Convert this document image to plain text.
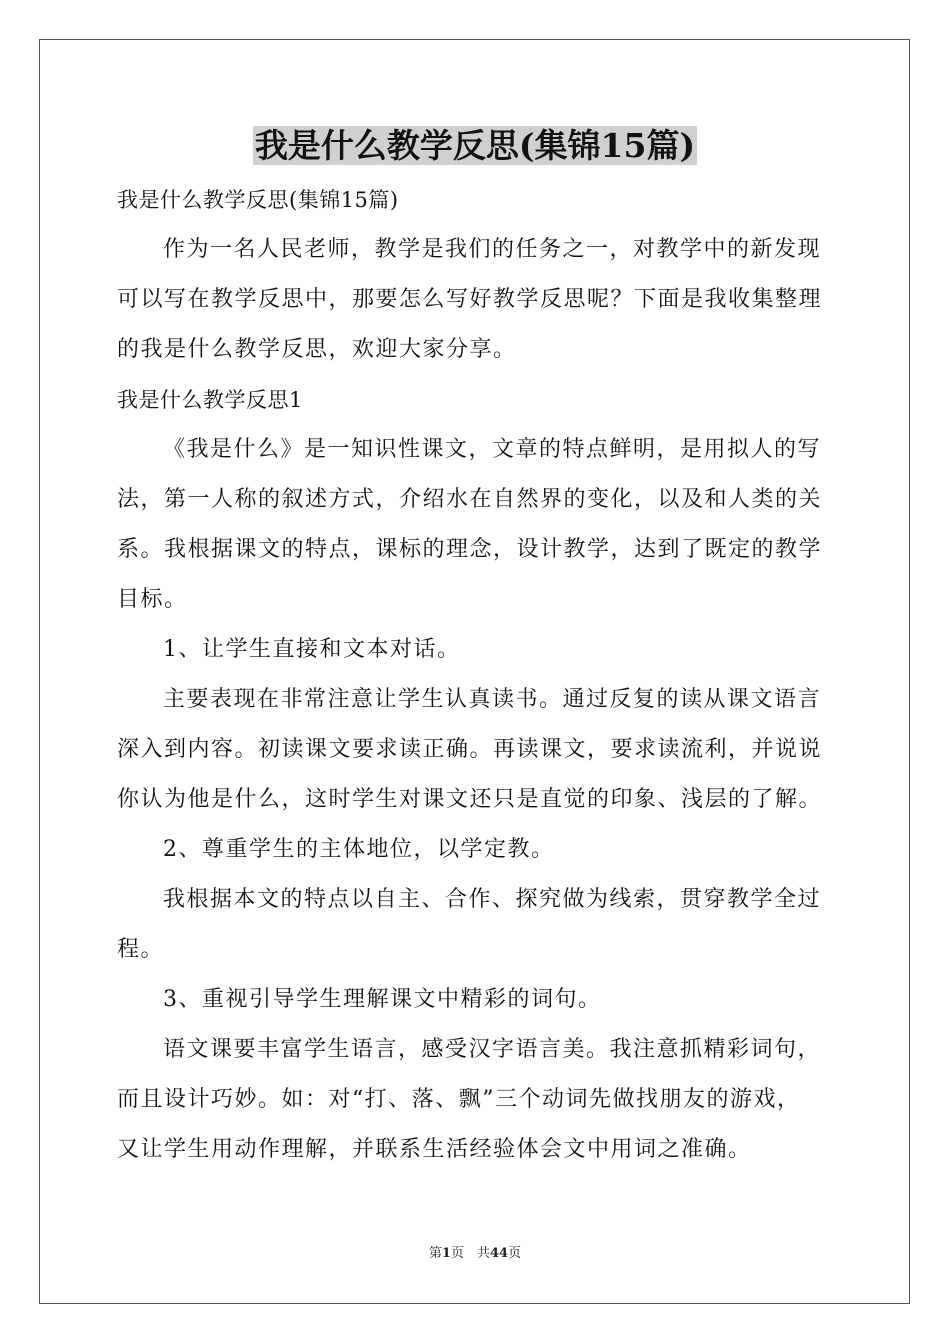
我是什么教学反思(集锦15篇)
我是什么教学反思(集锦15篇)
作为一名人民老师，教学是我们的任务之一，对教学中的新发现
可以写在教学反思中，那要怎么写好教学反思呢？下面是我收集整理
的我是什么教学反思，欢迎大家分享。
我是什么教学反思1
《我是什么》是一知识性课文，文章的特点鲜明，是用拟人的写
法，第一人称的叙述方式，介绍水在自然界的变化，以及和人类的关
系。我根据课文的特点，课标的理念，设计教学，达到了既定的教学
目标。
1、让学生直接和文本对话。
主要表现在非常注意让学生认真读书。通过反复的读从课文语言
深入到内容。初读课文要求读正确。再读课文，要求读流利，并说说
你认为他是什么，这时学生对课文还只是直觉的印象、浅层的了解。
2、尊重学生的主体地位，以学定教。
我根据本文的特点以自主、合作、探究做为线索，贯穿教学全过
程。
3、重视引导学生理解课文中精彩的词句。
语文课要丰富学生语言，感受汉字语言美。我注意抓精彩词句，
而且设计巧妙。如：对“打、落、飘”三个动词先做找朋友的游戏，
又让学生用动作理解，并联系生活经验体会文中用词之准确。
第1页　共44页
